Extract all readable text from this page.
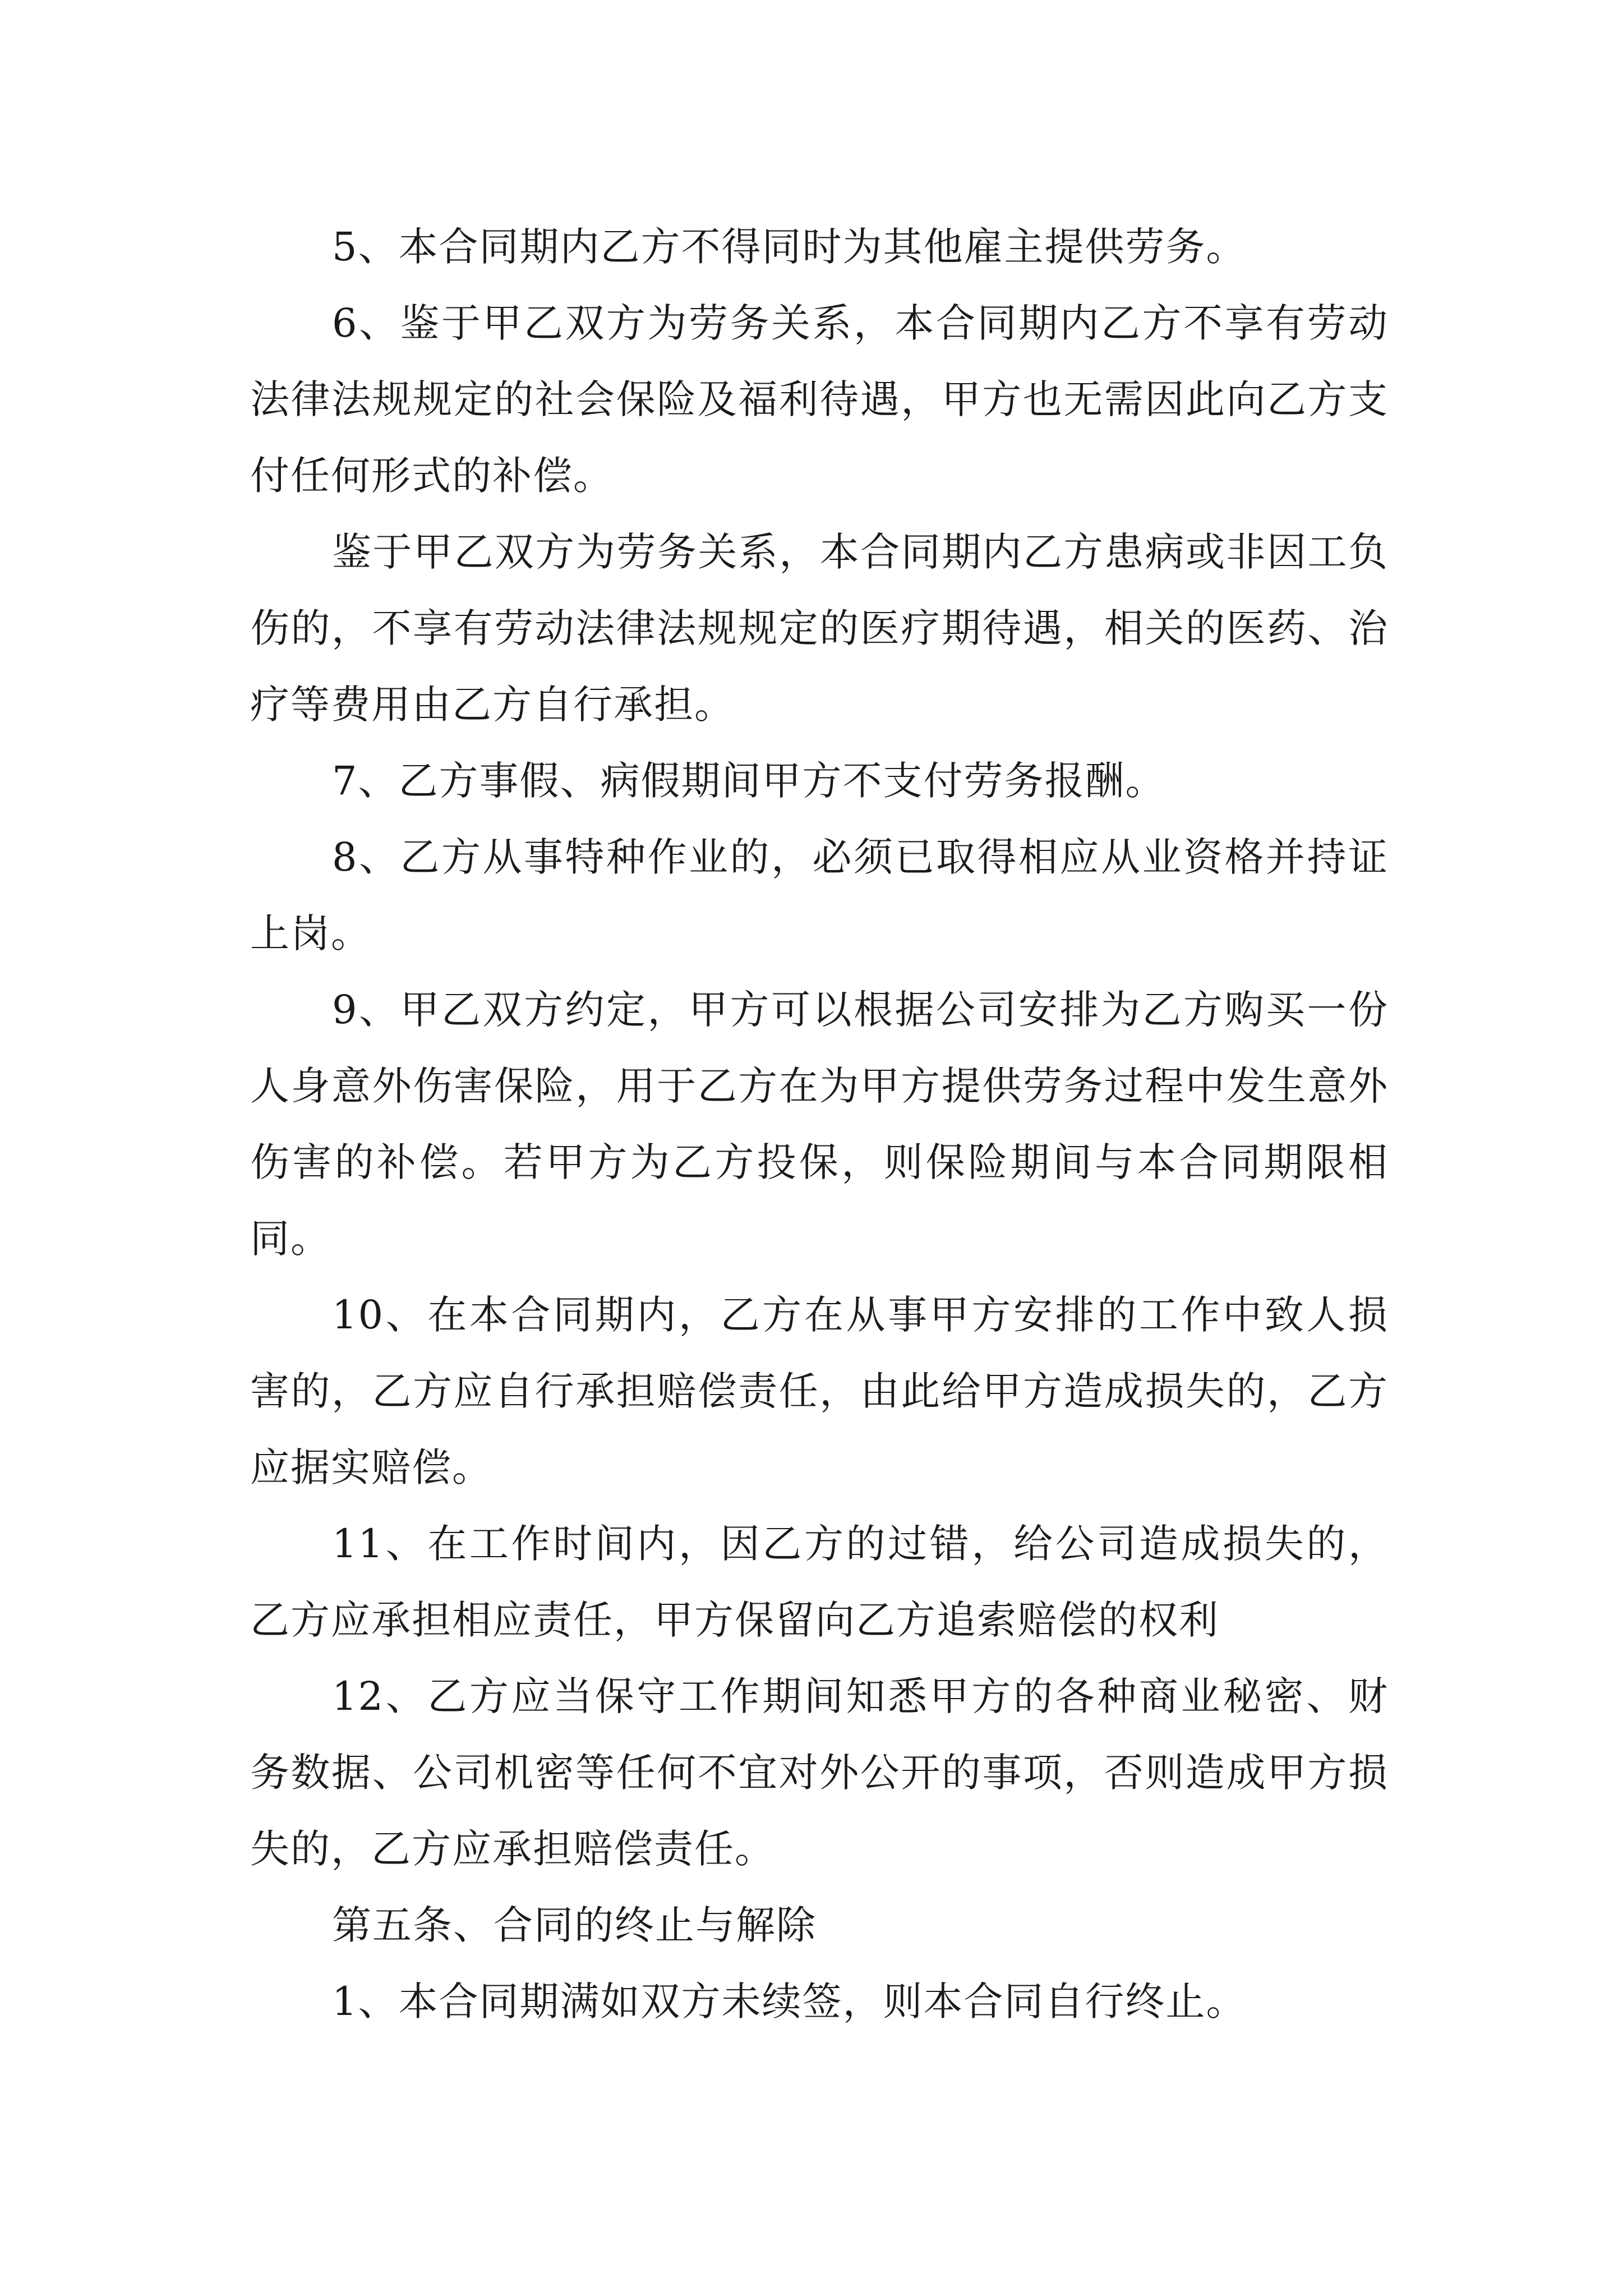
5、本合同期内乙方不得同时为其他雇主提供劳务。

6、鉴于甲乙双方为劳务关系，本合同期内乙方不享有劳动法律法规规定的社会保险及福利待遇，甲方也无需因此向乙方支付任何形式的补偿。

鉴于甲乙双方为劳务关系，本合同期内乙方患病或非因工负伤的，不享有劳动法律法规规定的医疗期待遇，相关的医药、治疗等费用由乙方自行承担。

7、乙方事假、病假期间甲方不支付劳务报酬。

8、乙方从事特种作业的，必须已取得相应从业资格并持证上岗。

9、甲乙双方约定，甲方可以根据公司安排为乙方购买一份人身意外伤害保险，用于乙方在为甲方提供劳务过程中发生意外伤害的补偿。若甲方为乙方投保，则保险期间与本合同期限相同。

10、在本合同期内，乙方在从事甲方安排的工作中致人损害的，乙方应自行承担赔偿责任，由此给甲方造成损失的，乙方应据实赔偿。

11、在工作时间内，因乙方的过错，给公司造成损失的，乙方应承担相应责任，甲方保留向乙方追索赔偿的权利

12、乙方应当保守工作期间知悉甲方的各种商业秘密、财务数据、公司机密等任何不宜对外公开的事项，否则造成甲方损失的，乙方应承担赔偿责任。

第五条、合同的终止与解除

1、本合同期满如双方未续签，则本合同自行终止。
